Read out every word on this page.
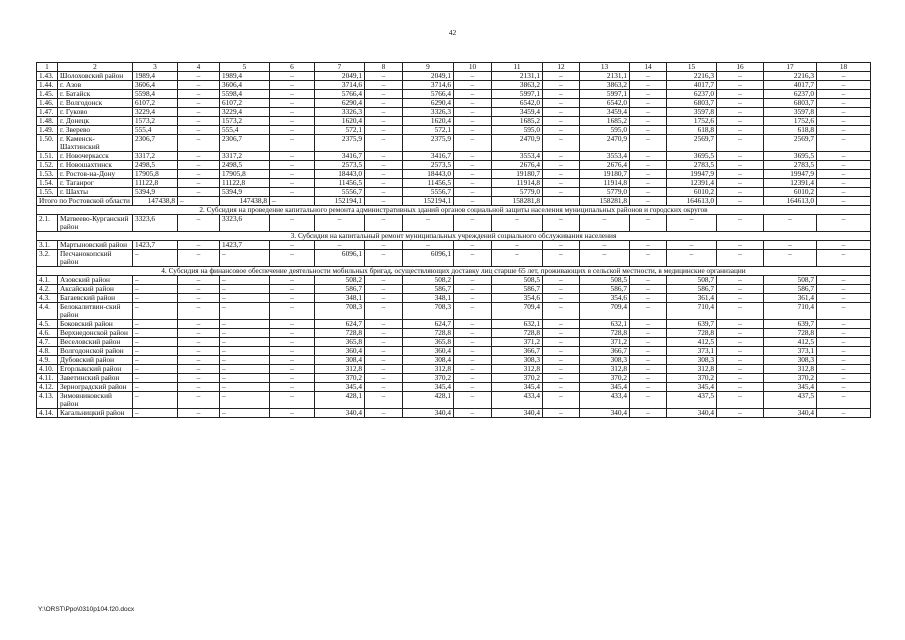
42
1	2	3	4	5	6	7	8	9	10	11	12	13	14	15	16	17	18
1.43.	Шолоховский район	1989,4	–	1989,4	–	2049,1	–	2049,1	–	2131,1	–	2131,1	–	2216,3	–	2216,3	–
1.44.	г. Азов	3606,4	–	3606,4	–	3714,6	–	3714,6	–	3863,2	–	3863,2	–	4017,7	–	4017,7	–
1.45.	г. Батайск	5598,4	–	5598,4	–	5766,4	–	5766,4	–	5997,1	–	5997,1	–	6237,0	–	6237,0	–
1.46.	г. Волгодонск	6107,2	–	6107,2	–	6290,4	–	6290,4	–	6542,0	–	6542,0	–	6803,7	–	6803,7	–
1.47.	г. Гуково	3229,4	–	3229,4	–	3326,3	–	3326,3	–	3459,4	–	3459,4	–	3597,8	–	3597,8	–
1.48.	г. Донецк	1573,2	–	1573,2	–	1620,4	–	1620,4	–	1685,2	–	1685,2	–	1752,6	–	1752,6	–
1.49.	г. Зверево	555,4	–	555,4	–	572,1	–	572,1	–	595,0	–	595,0	–	618,8	–	618,8	–
1.50.	г. Каменск-Шахтинский	2306,7	–	2306,7	–	2375,9	–	2375,9	–	2470,9	–	2470,9	–	2569,7	–	2569,7	–
1.51.	г. Новочеркасск	3317,2	–	3317,2	–	3416,7	–	3416,7	–	3553,4	–	3553,4	–	3695,5	–	3695,5	–
1.52.	г. Новошахтинск	2498,5	–	2498,5	–	2573,5	–	2573,5	–	2676,4	–	2676,4	–	2783,5	–	2783,5	–
1.53.	г. Ростов-на-Дону	17905,8	–	17905,8	–	18443,0	–	18443,0	–	19180,7	–	19180,7	–	19947,9	–	19947,9	–
1.54.	г. Таганрог	11122,8	–	11122,8	–	11456,5	–	11456,5	–	11914,8	–	11914,8	–	12391,4	–	12391,4	–
1.55.	г. Шахты	5394,9	–	5394,9	–	5556,7	–	5556,7	–	5779,0	–	5779,0	–	6010,2	–	6010,2	–
Итого по Ростовской области		147438,8	–	147438,8	–	152194,1	–	152194,1	–	158281,8		158281,8	–	164613,0	–	164613,0	–
2. Субсидия на проведение капитального ремонта административных зданий органов социальной защиты населения муниципальных районов и городских округов																	
2.1.	Матвеево-Курганский район	3323,6	–	3323,6	–	–	–	–	–	–	–	–	–	–	–	–	–
3. Субсидия на капитальный ремонт муниципальных учреждений социального обслуживания населения																	
3.1.	Мартыновский район	1423,7	–	1423,7	–	–	–	–	–	–	–	–	–	–	–	–	–
3.2.	Песчанокопский район	–	–	–	–	6096,1	–	6096,1	–	–	–	–	–	–	–	–	–
4. Субсидия на финансовое обеспечение деятельности мобильных бригад, осуществляющих доставку лиц старше 65 лет, проживающих в сельской местности, в медицинские организации																	
4.1.	Азовский район	–	–	–	–	508,2	–	508,2	–	508,5	–	508,5	–	508,7	–	508,7	–
4.2.	Аксайский район	–	–	–	–	586,7	–	586,7	–	586,7	–	586,7	–	586,7	–	586,7	–
4.3.	Багаевский район	–	–	–	–	348,1	–	348,1	–	354,6	–	354,6	–	361,4	–	361,4	–
4.4.	Белокалитвин-ский район	–	–	–	–	708,3	–	708,3	–	709,4	–	709,4	–	710,4	–	710,4	–
4.5.	Боковский район	–	–	–	–	624,7	–	624,7	–	632,1	–	632,1	–	639,7	–	639,7	–
4.6.	Верхнедонской район	–	–	–	–	728,8	–	728,8	–	728,8	–	728,8	–	728,8	–	728,8	–
4.7.	Веселовский район	–	–	–	–	365,8	–	365,8	–	371,2	–	371,2	–	412,5	–	412,5	–
4.8.	Волгодонской район	–	–	–	–	360,4	–	360,4	–	366,7	–	366,7	–	373,1	–	373,1	–
4.9.	Дубовский район	–	–	–	–	308,4	–	308,4	–	308,3	–	308,3	–	308,3	–	308,3	–
4.10.	Егорлыкский район	–	–	–	–	312,8	–	312,8	–	312,8	–	312,8	–	312,8	–	312,8	–
4.11.	Заветинский район	–	–	–	–	370,2	–	370,2	–	370,2	–	370,2	–	370,2	–	370,2	–
4.12.	Зерноградский район	–	–	–	–	345,4	–	345,4	–	345,4	–	345,4	–	345,4	–	345,4	–
4.13.	Зимовниковский район	–	–	–	–	428,1	–	428,1	–	433,4	–	433,4	–	437,5	–	437,5	–
4.14.	Кагальницкий район	–	–	–	–	340,4	–	340,4	–	340,4	–	340,4	–	340,4	–	340,4	–
Y:\ORST\Ppo\0310p104.f20.docx
